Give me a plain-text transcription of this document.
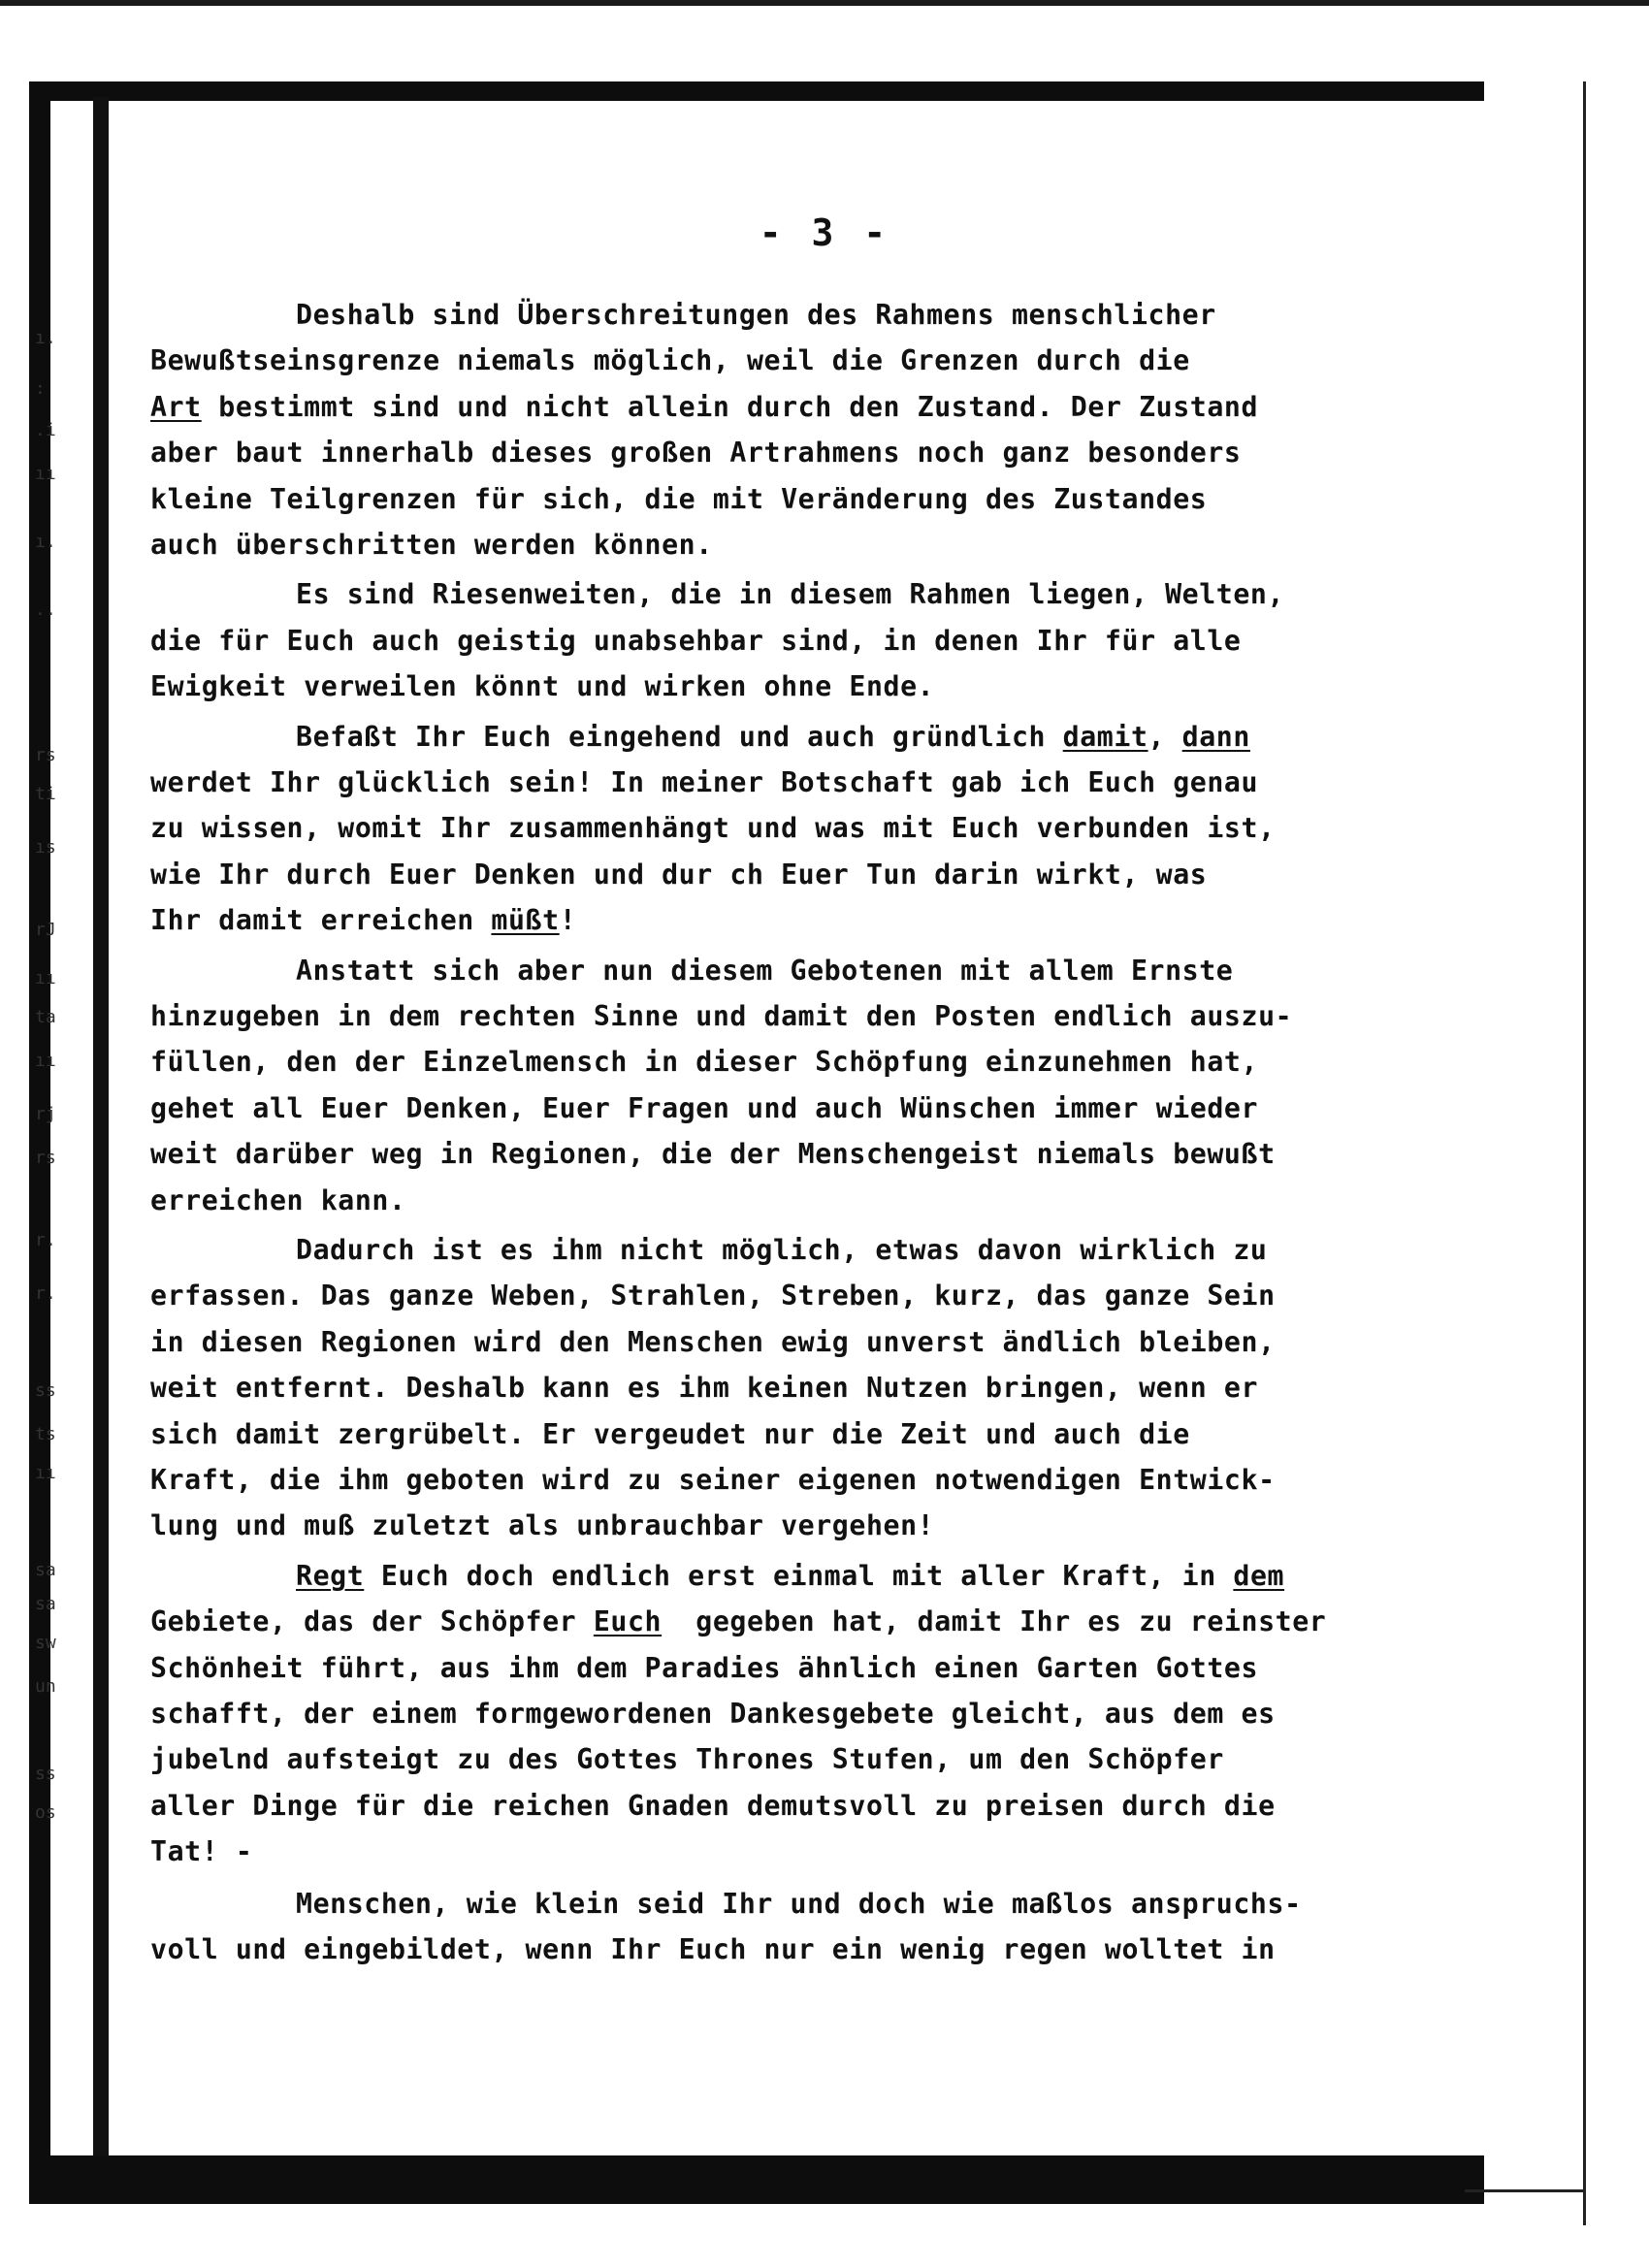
ı.
:
.i
ıı
ı.
..
rs
ti
ıs
rJ
ıı
ta
ıı
rj
rs
r.
r.
ss
ts
ıı
sa
sa
sw
un
ss
os
- 3 -
Deshalb sind Überschreitungen des Rahmens menschlicher
Bewußtseinsgrenze niemals möglich, weil die Grenzen durch die
Art bestimmt sind und nicht allein durch den Zustand. Der Zustand
aber baut innerhalb dieses großen Artrahmens noch ganz besonders
kleine Teilgrenzen für sich, die mit Veränderung des Zustandes
auch überschritten werden können.
Es sind Riesenweiten, die in diesem Rahmen liegen, Welten,
die für Euch auch geistig unabsehbar sind, in denen Ihr für alle
Ewigkeit verweilen könnt und wirken ohne Ende.
Befaßt Ihr Euch eingehend und auch gründlich damit, dann
werdet Ihr glücklich sein! In meiner Botschaft gab ich Euch genau
zu wissen, womit Ihr zusammenhängt und was mit Euch verbunden ist,
wie Ihr durch Euer Denken und dur ch Euer Tun darin wirkt, was
Ihr damit erreichen müßt!
Anstatt sich aber nun diesem Gebotenen mit allem Ernste
hinzugeben in dem rechten Sinne und damit den Posten endlich auszu-
füllen, den der Einzelmensch in dieser Schöpfung einzunehmen hat,
gehet all Euer Denken, Euer Fragen und auch Wünschen immer wieder
weit darüber weg in Regionen, die der Menschengeist niemals bewußt
erreichen kann.
Dadurch ist es ihm nicht möglich, etwas davon wirklich zu
erfassen. Das ganze Weben, Strahlen, Streben, kurz, das ganze Sein
in diesen Regionen wird den Menschen ewig unverst ändlich bleiben,
weit entfernt. Deshalb kann es ihm keinen Nutzen bringen, wenn er
sich damit zergrübelt. Er vergeudet nur die Zeit und auch die
Kraft, die ihm geboten wird zu seiner eigenen notwendigen Entwick-
lung und muß zuletzt als unbrauchbar vergehen!
Regt Euch doch endlich erst einmal mit aller Kraft, in dem
Gebiete, das der Schöpfer Euch  gegeben hat, damit Ihr es zu reinster
Schönheit führt, aus ihm dem Paradies ähnlich einen Garten Gottes
schafft, der einem formgewordenen Dankesgebete gleicht, aus dem es
jubelnd aufsteigt zu des Gottes Thrones Stufen, um den Schöpfer
aller Dinge für die reichen Gnaden demutsvoll zu preisen durch die
Tat! -
Menschen, wie klein seid Ihr und doch wie maßlos anspruchs-
voll und eingebildet, wenn Ihr Euch nur ein wenig regen wolltet in
